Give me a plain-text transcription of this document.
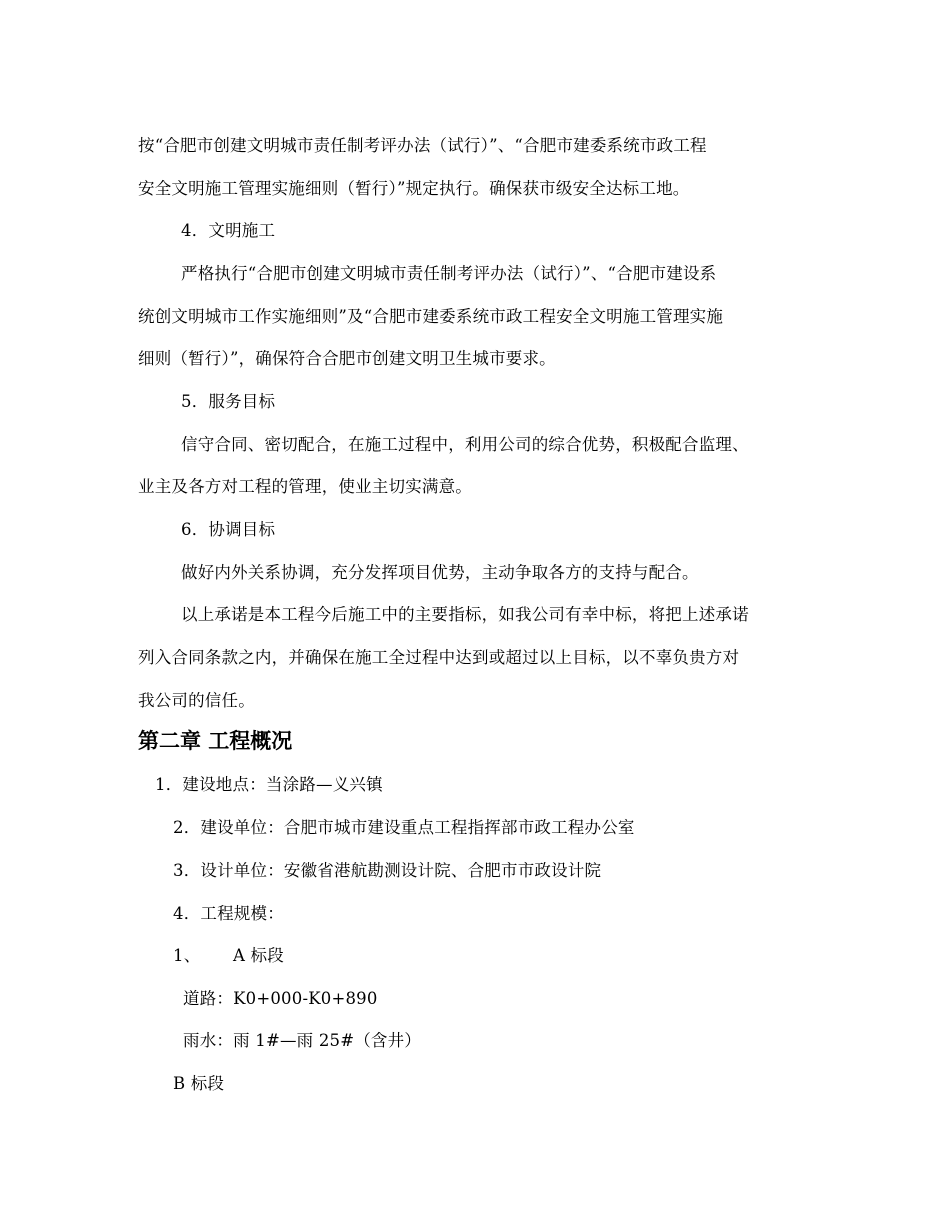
按“合肥市创建文明城市责任制考评办法（试行）”、“合肥市建委系统市政工程
安全文明施工管理实施细则（暂行）”规定执行。确保获市级安全达标工地。
4．文明施工
严格执行“合肥市创建文明城市责任制考评办法（试行）”、“合肥市建设系
统创文明城市工作实施细则”及“合肥市建委系统市政工程安全文明施工管理实施
细则（暂行）”，确保符合合肥市创建文明卫生城市要求。
5．服务目标
信守合同、密切配合，在施工过程中，利用公司的综合优势，积极配合监理、
业主及各方对工程的管理，使业主切实满意。
6．协调目标
做好内外关系协调，充分发挥项目优势，主动争取各方的支持与配合。
以上承诺是本工程今后施工中的主要指标，如我公司有幸中标，将把上述承诺
列入合同条款之内，并确保在施工全过程中达到或超过以上目标，以不辜负贵方对
我公司的信任。
第二章 工程概况
1．建设地点：当涂路—义兴镇
2．建设单位：合肥市城市建设重点工程指挥部市政工程办公室
3．设计单位：安徽省港航勘测设计院、合肥市市政设计院
4．工程规模：
1、 A 标段
道路：K0+000-K0+890
雨水：雨 1#—雨 25#（含井）
B 标段
